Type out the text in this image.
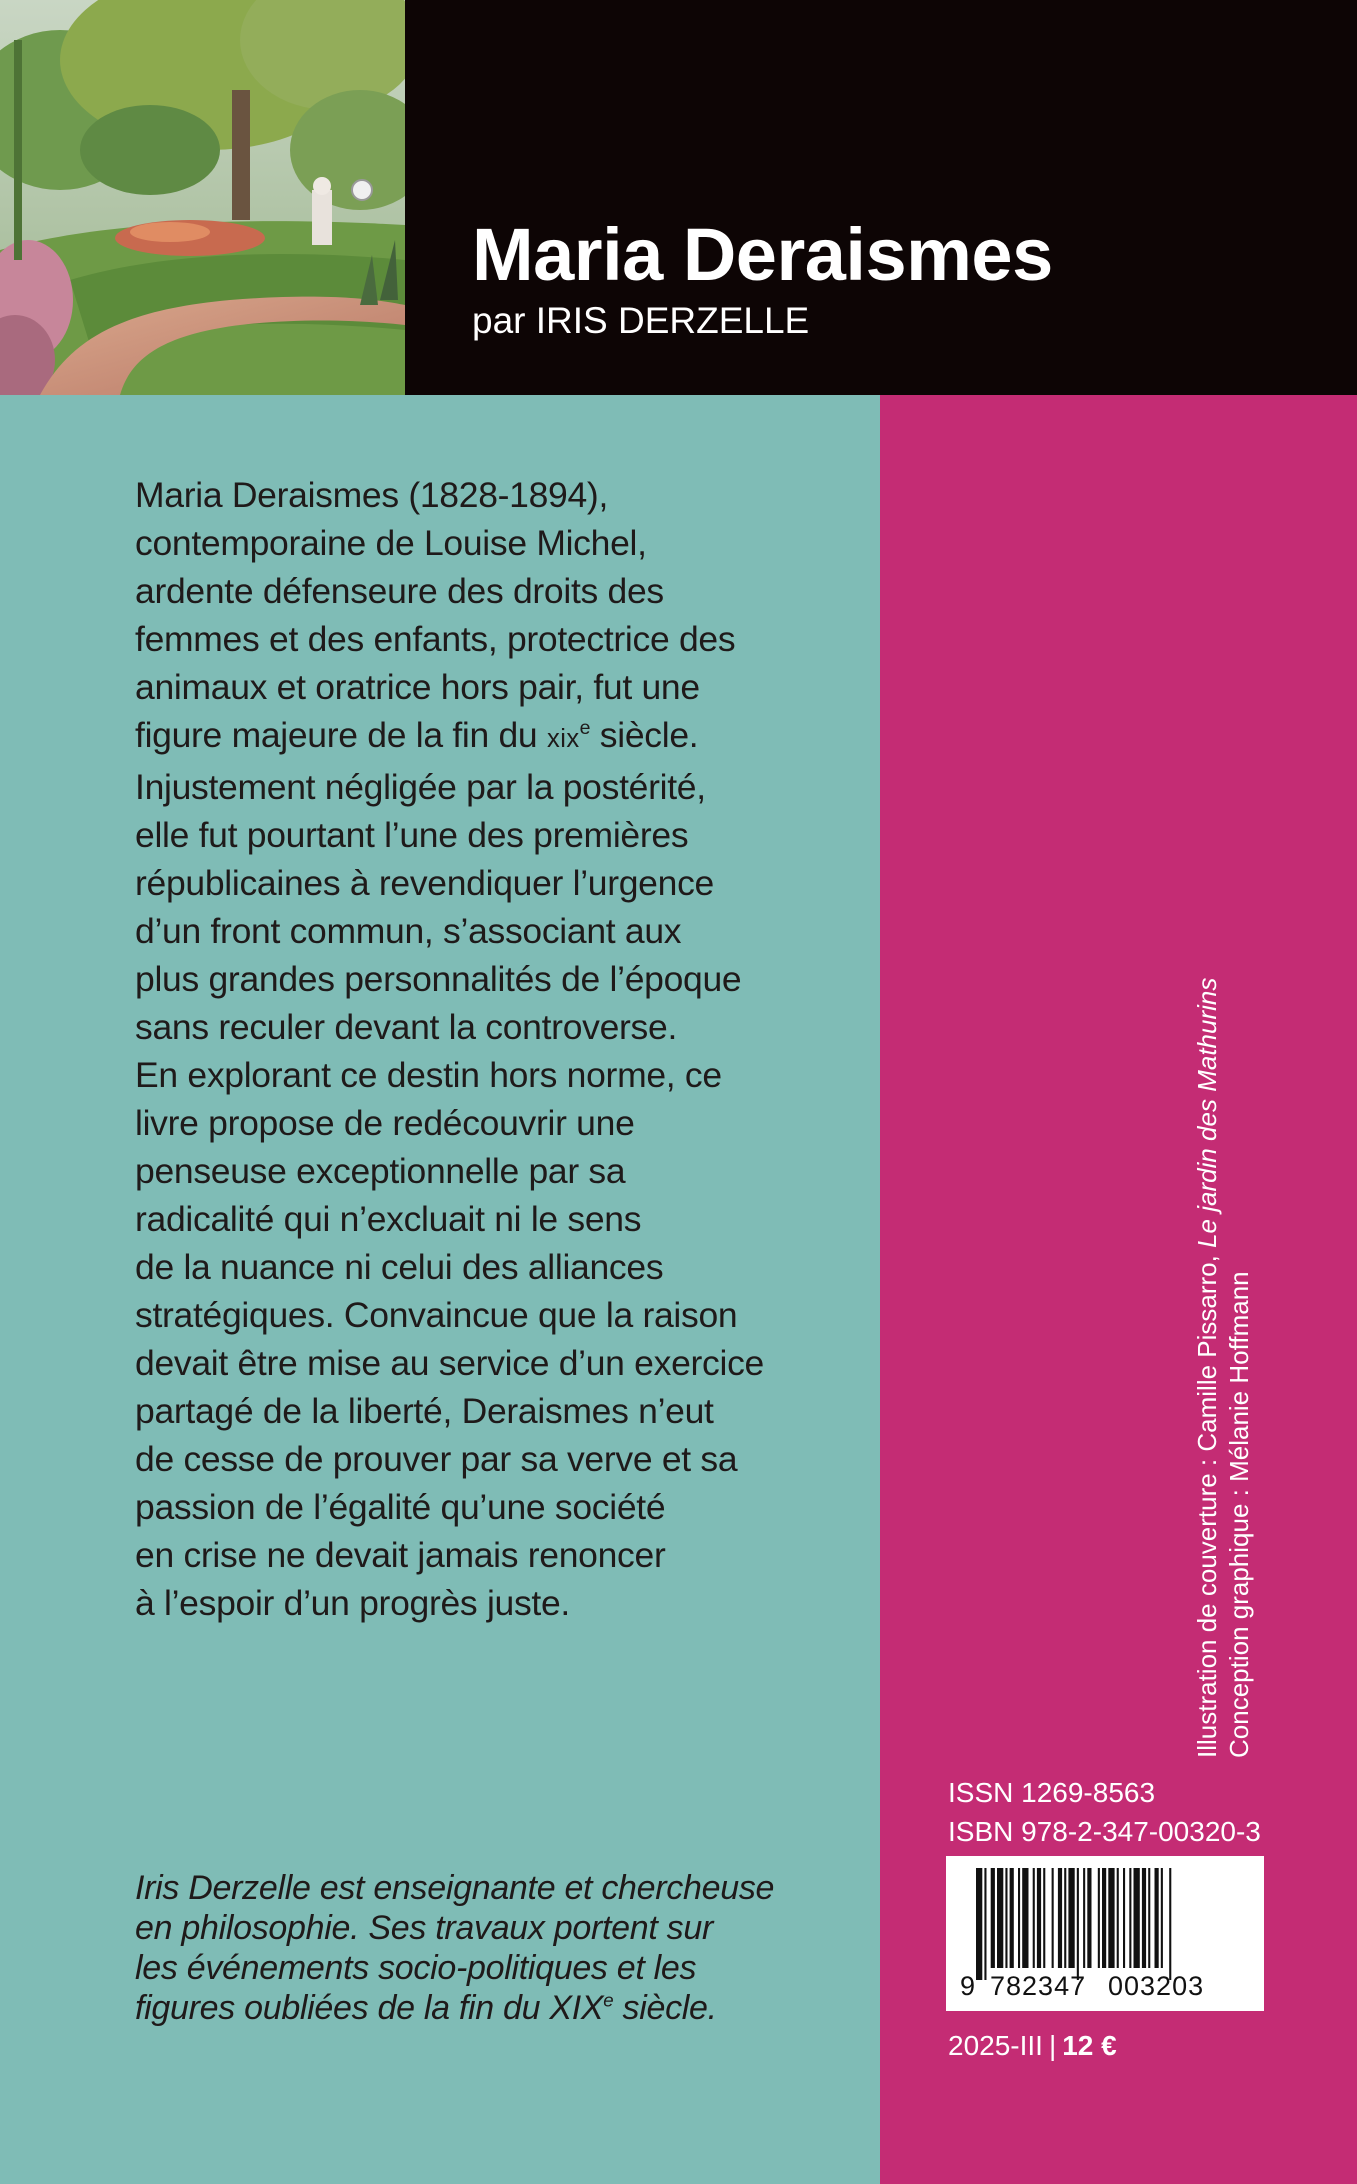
Maria Deraismes
par IRIS DERZELLE

Maria Deraismes (1828-1894),
contemporaine de Louise Michel,
ardente défenseure des droits des
femmes et des enfants, protectrice des
animaux et oratrice hors pair, fut une
figure majeure de la fin du xix$^e$ siècle.
Injustement négligée par la postérité,
elle fut pourtant l’une des premières
républicaines à revendiquer l’urgence
d’un front commun, s’associant aux
plus grandes personnalités de l’époque
sans reculer devant la controverse.
En explorant ce destin hors norme, ce
livre propose de redécouvrir une
penseuse exceptionnelle par sa
radicalité qui n’excluait ni le sens
de la nuance ni celui des alliances
stratégiques. Convaincue que la raison
devait être mise au service d’un exercice
partagé de la liberté, Deraismes n’eut
de cesse de prouver par sa verve et sa
passion de l’égalité qu’une société
en crise ne devait jamais renoncer
à l’espoir d’un progrès juste.

Iris Derzelle est enseignante et chercheuse
en philosophie. Ses travaux portent sur
les événements socio-politiques et les
figures oubliées de la fin du XIXe siècle.

Illustration de couverture : Camille Pissarro, Le jardin des Mathurins
Conception graphique : Mélanie Hoffmann
ISSN 1269-8563
ISBN 978-2-347-00320-3
9 782347 003203
2025-III | 12 €
